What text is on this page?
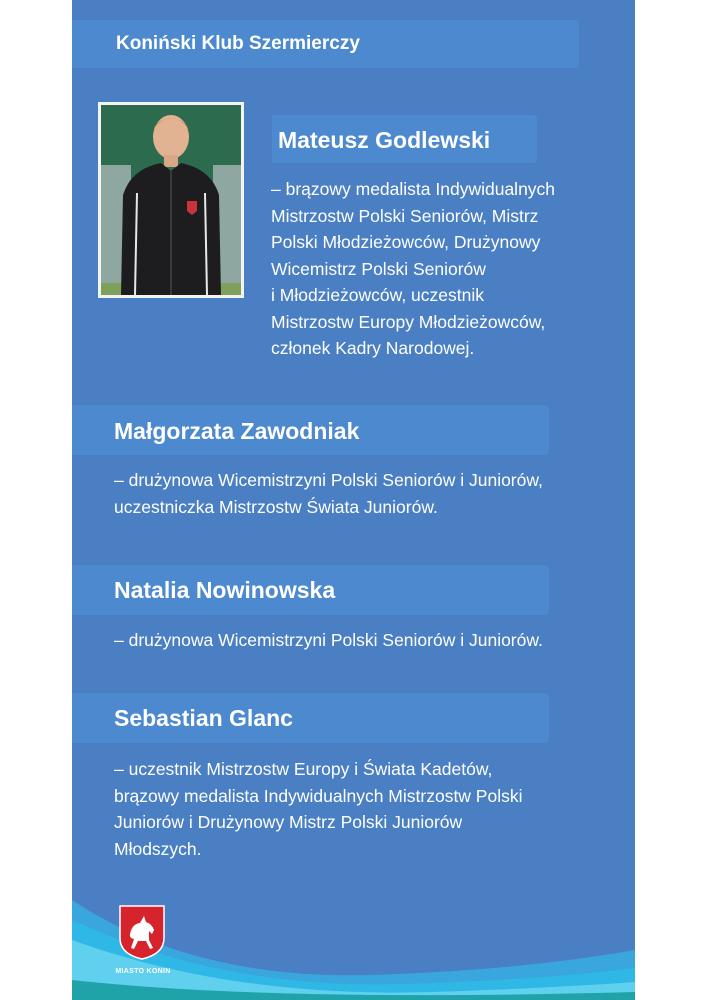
Koniński Klub Szermierczy
Mateusz Godlewski
– brązowy medalista Indywidualnych
Mistrzostw Polski Seniorów, Mistrz
Polski Młodzieżowców, Drużynowy
Wicemistrz Polski Seniorów
i Młodzieżowców, uczestnik
Mistrzostw Europy Młodzieżowców,
członek Kadry Narodowej.
Małgorzata Zawodniak
– drużynowa Wicemistrzyni Polski Seniorów i Juniorów,
uczestniczka Mistrzostw Świata Juniorów.
Natalia Nowinowska
– drużynowa Wicemistrzyni Polski Seniorów i Juniorów.
Sebastian Glanc
– uczestnik Mistrzostw Europy i Świata Kadetów,
brązowy medalista Indywidualnych Mistrzostw Polski
Juniorów i Drużynowy Mistrz Polski Juniorów
Młodszych.
MIASTO KONIN
